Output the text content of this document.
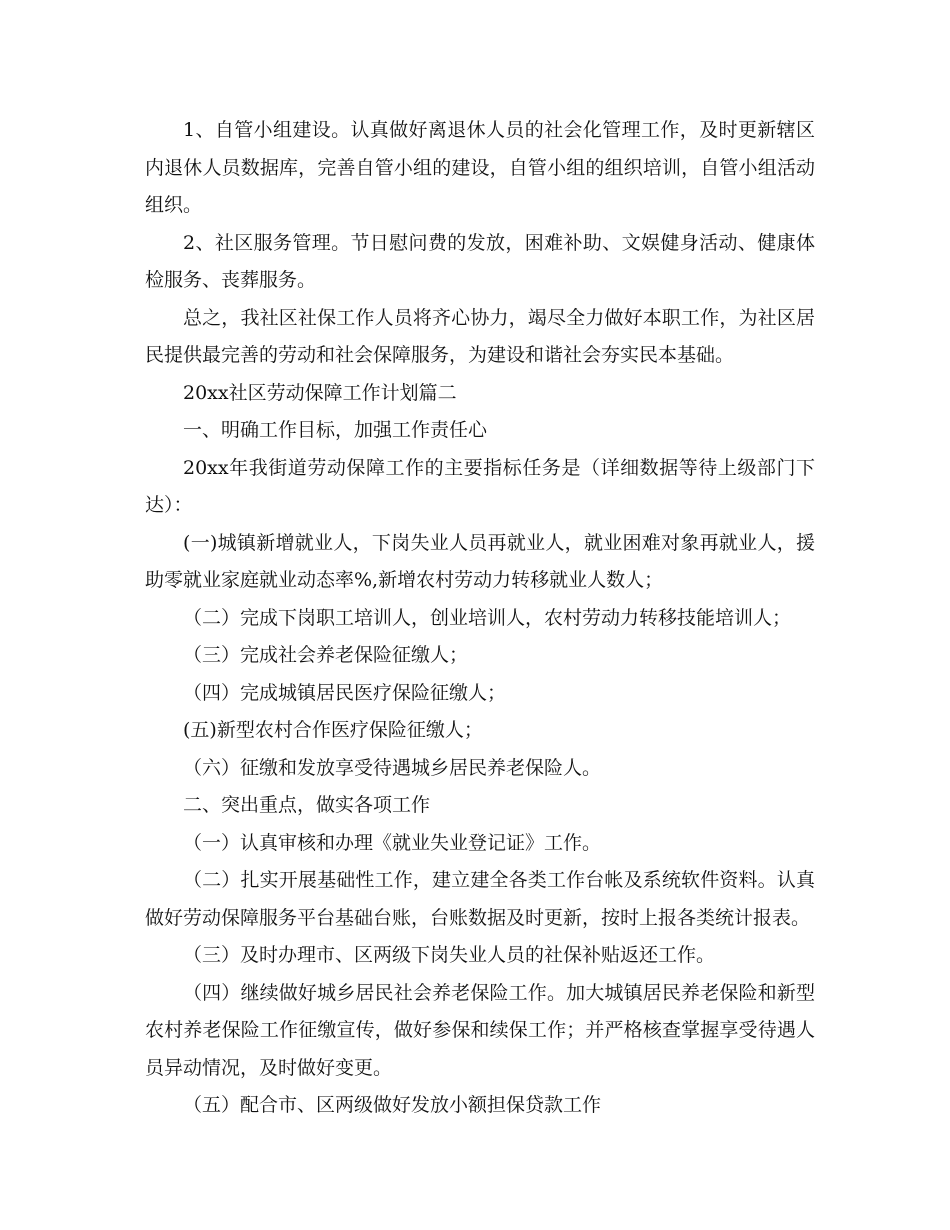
1、自管小组建设。认真做好离退休人员的社会化管理工作，及时更新辖区内退休人员数据库，完善自管小组的建设，自管小组的组织培训，自管小组活动组织。

2、社区服务管理。节日慰问费的发放，困难补助、文娱健身活动、健康体检服务、丧葬服务。

总之，我社区社保工作人员将齐心协力，竭尽全力做好本职工作，为社区居民提供最完善的劳动和社会保障服务，为建设和谐社会夯实民本基础。

20xx社区劳动保障工作计划篇二

一、明确工作目标，加强工作责任心

20xx年我街道劳动保障工作的主要指标任务是（详细数据等待上级部门下达）：

(一)城镇新增就业人，下岗失业人员再就业人，就业困难对象再就业人，援助零就业家庭就业动态率%,新增农村劳动力转移就业人数人；

（二）完成下岗职工培训人，创业培训人，农村劳动力转移技能培训人；

（三）完成社会养老保险征缴人；

（四）完成城镇居民医疗保险征缴人；

(五)新型农村合作医疗保险征缴人；

（六）征缴和发放享受待遇城乡居民养老保险人。

二、突出重点，做实各项工作

（一）认真审核和办理《就业失业登记证》工作。

（二）扎实开展基础性工作，建立建全各类工作台帐及系统软件资料。认真做好劳动保障服务平台基础台账，台账数据及时更新，按时上报各类统计报表。

（三）及时办理市、区两级下岗失业人员的社保补贴返还工作。

（四）继续做好城乡居民社会养老保险工作。加大城镇居民养老保险和新型农村养老保险工作征缴宣传，做好参保和续保工作；并严格核查掌握享受待遇人员异动情况，及时做好变更。

（五）配合市、区两级做好发放小额担保贷款工作
